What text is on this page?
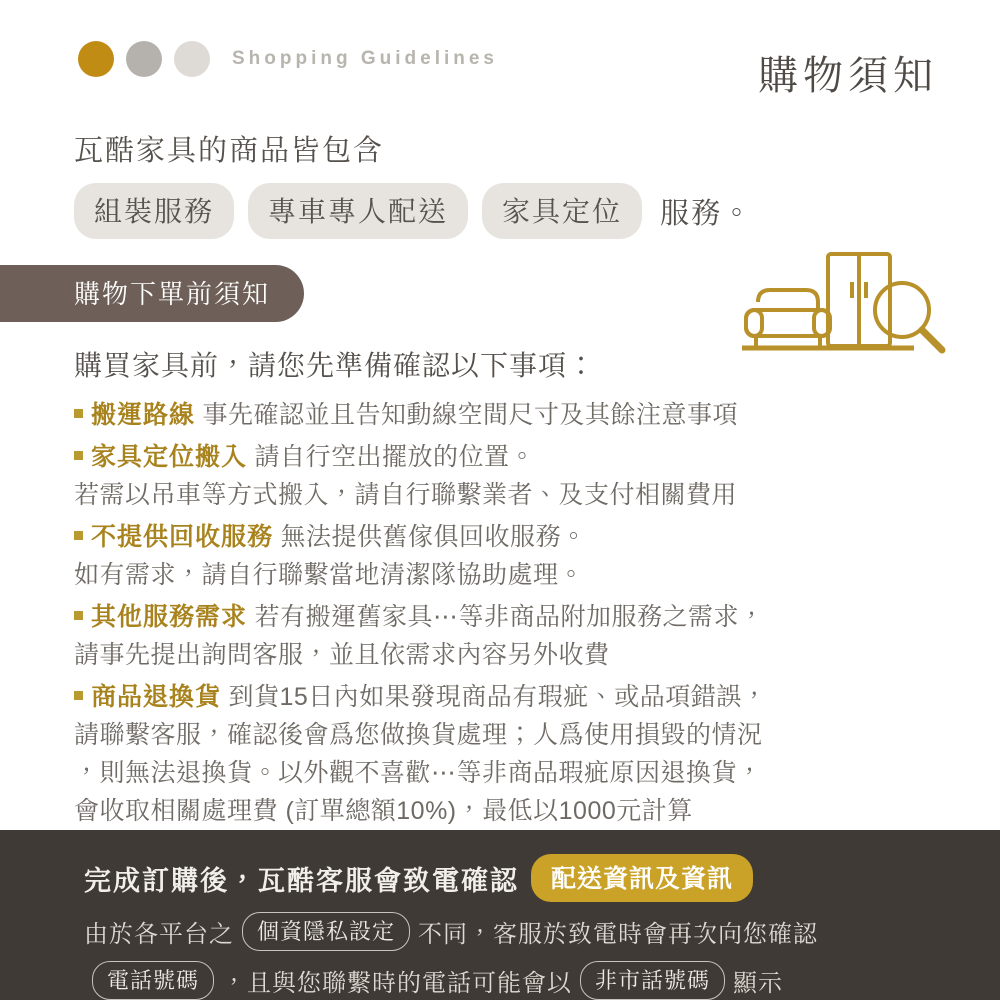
Shopping Guidelines	購物須知
瓦酷家具的商品皆包含
組裝服務	專車專人配送	家具定位	服務。
購物下單前須知
購買家具前，請您先準備確認以下事項：
搬運路線 事先確認並且告知動線空間尺寸及其餘注意事項
家具定位搬入 請自行空出擺放的位置。
若需以吊車等方式搬入，請自行聯繫業者、及支付相關費用
不提供回收服務 無法提供舊傢俱回收服務。
如有需求，請自行聯繫當地清潔隊協助處理。
其他服務需求 若有搬運舊家具⋯等非商品附加服務之需求，
請事先提出詢問客服，並且依需求內容另外收費
商品退換貨 到貨15日內如果發現商品有瑕疵、或品項錯誤，
請聯繫客服，確認後會爲您做換貨處理；人爲使用損毀的情況
，則無法退換貨。以外觀不喜歡⋯等非商品瑕疵原因退換貨，
會收取相關處理費 (訂單總額10%)，最低以1000元計算
完成訂購後，瓦酷客服會致電確認	配送資訊及資訊
由於各平台之	個資隱私設定 不同，客服於致電時會再次向您確認
電話號碼 ，且與您聯繫時的電話可能會以	非市話號碼 顯示
